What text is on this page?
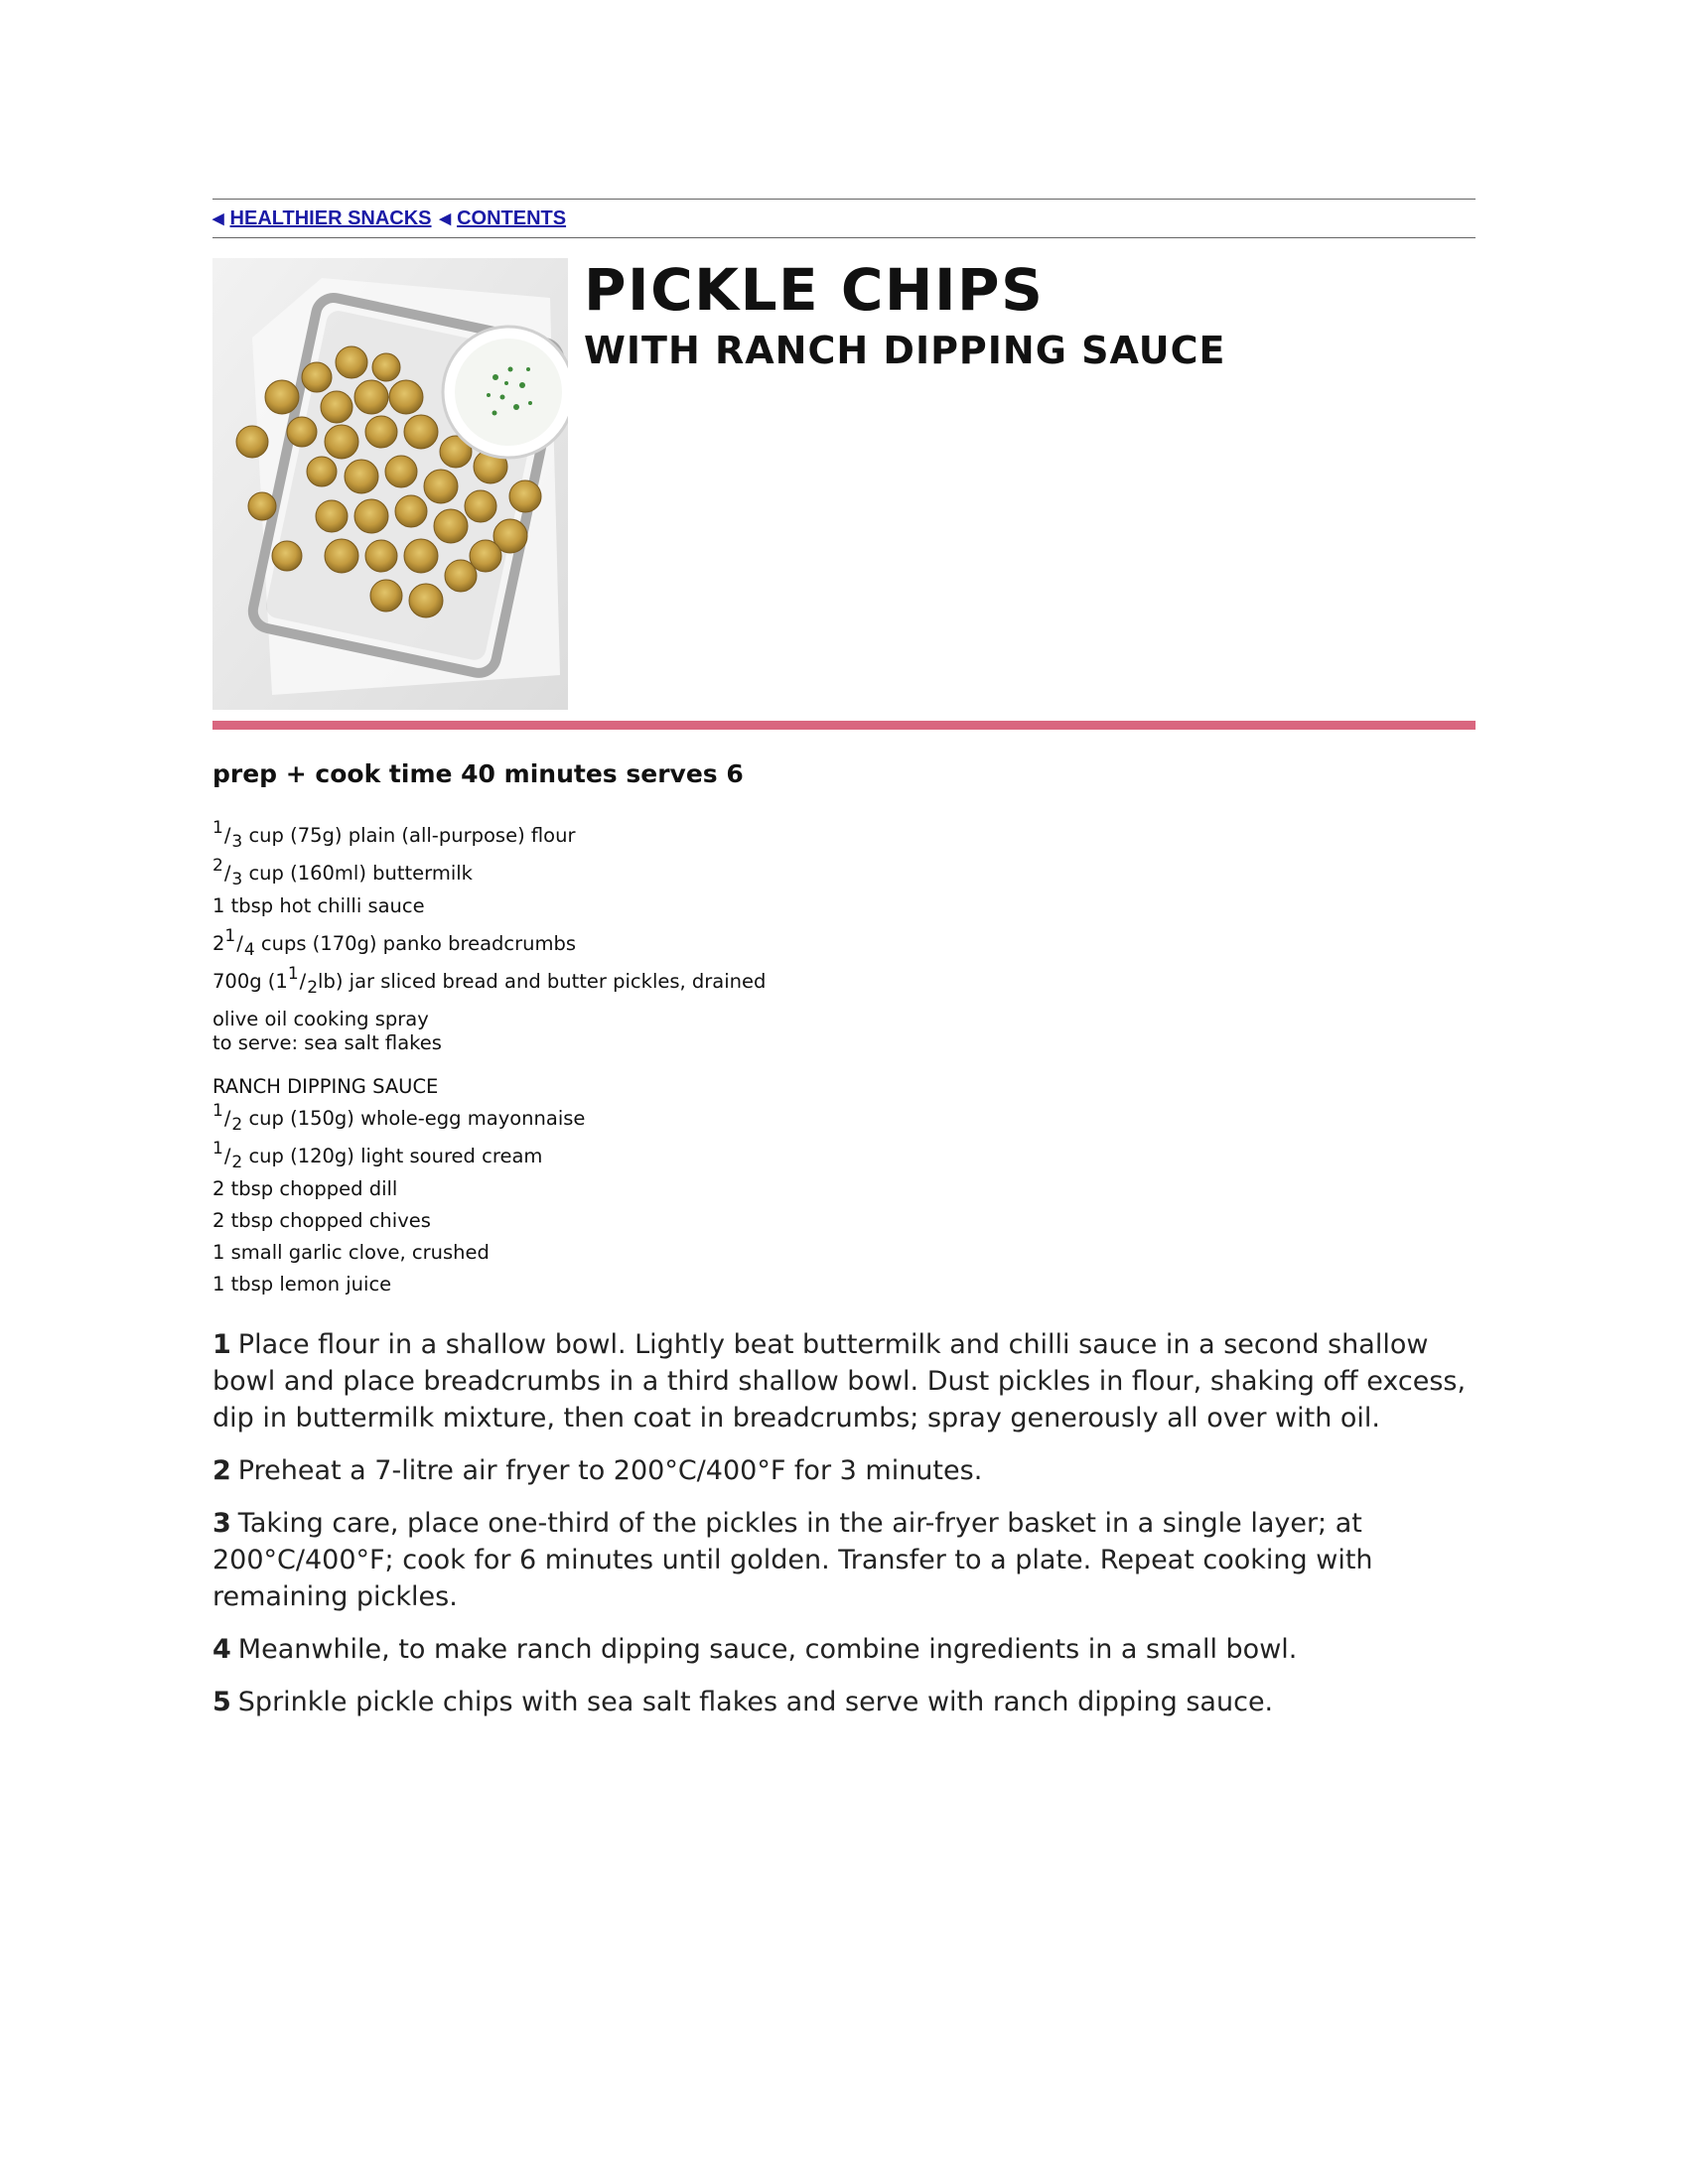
◀ HEALTHIER SNACKS ◀ CONTENTS
PICKLE CHIPS
WITH RANCH DIPPING SAUCE
prep + cook time 40 minutes serves 6
$^1/_3$ cup (75g) plain (all-purpose) flour
$^2/_3$ cup (160ml) buttermilk
1 tbsp hot chilli sauce
$2^1/_4$ cups (170g) panko breadcrumbs
700g $(1^1/_2lb)$ jar sliced bread and butter pickles, drained
olive oil cooking spray
to serve: sea salt flakes
RANCH DIPPING SAUCE
$^1/_2$ cup (150g) whole-egg mayonnaise
$^1/_2$ cup (120g) light soured cream
2 tbsp chopped dill
2 tbsp chopped chives
1 small garlic clove, crushed
1 tbsp lemon juice
1 Place flour in a shallow bowl. Lightly beat buttermilk and chilli sauce in a second shallow bowl and place breadcrumbs in a third shallow bowl. Dust pickles in flour, shaking off excess, dip in buttermilk mixture, then coat in breadcrumbs; spray generously all over with oil.
2 Preheat a 7-litre air fryer to 200°C/400°F for 3 minutes.
3 Taking care, place one-third of the pickles in the air-fryer basket in a single layer; at 200°C/400°F; cook for 6 minutes until golden. Transfer to a plate. Repeat cooking with remaining pickles.
4 Meanwhile, to make ranch dipping sauce, combine ingredients in a small bowl.
5 Sprinkle pickle chips with sea salt flakes and serve with ranch dipping sauce.
